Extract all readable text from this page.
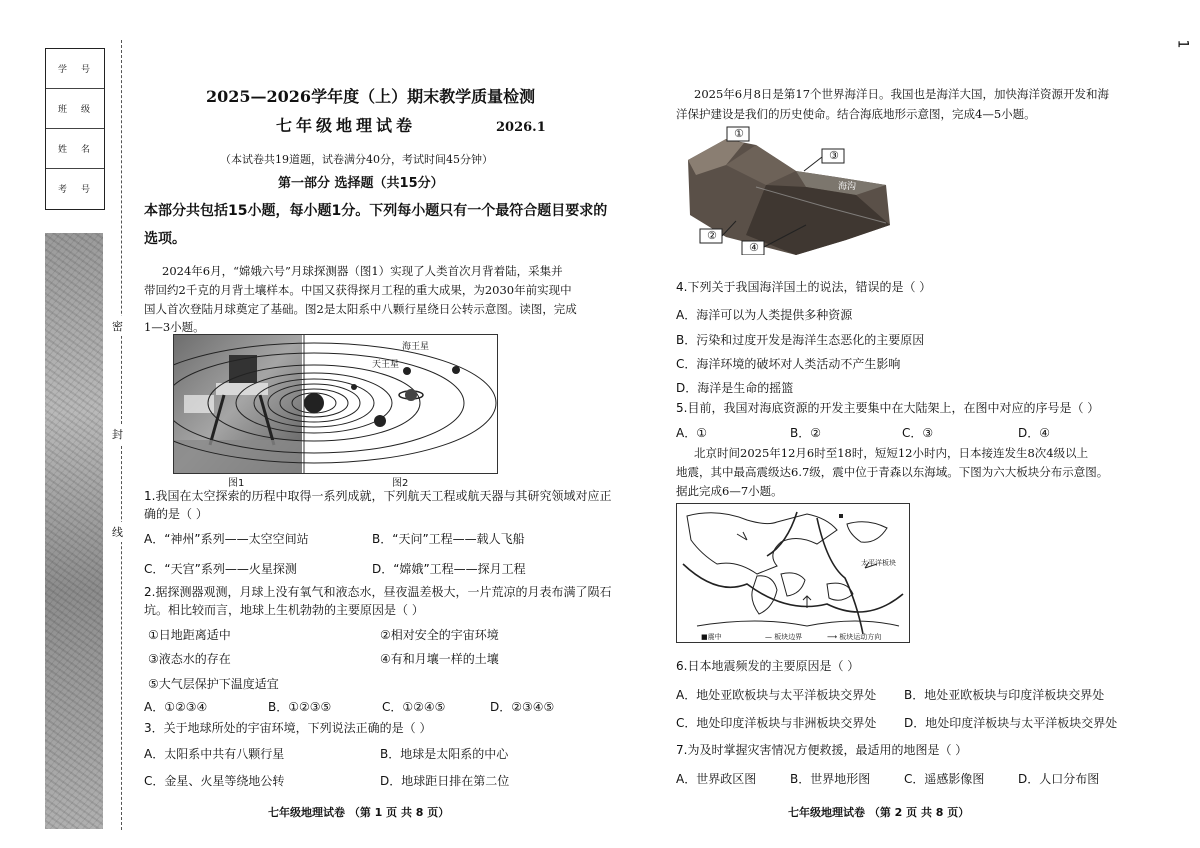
1
学号
班级
姓名
考号
密
封
线
2025—2026学年度（上）期末教学质量检测
七年级地理试卷	2026.1
（本试卷共19道题，试卷满分40分，考试时间45分钟）
第一部分 选择题（共15分）
本部分共包括15小题，每小题1分。下列每小题只有一个最符合题目要求的
选项。
2024年6月，“嫦娥六号”月球探测器（图1）实现了人类首次月背着陆，采集并
带回约2千克的月背土壤样本。中国又获得探月工程的重大成果，为2030年前实现中
国人首次登陆月球奠定了基础。图2是太阳系中八颗行星绕日公转示意图。读图，完成
1—3小题。
海王星
天王星
图1	图2
1.我国在太空探索的历程中取得一系列成就，下列航天工程或航天器与其研究领域对应正
确的是（ ）
A．“神州”系列——太空空间站	B．“天问”工程——载人飞船
C．“天宫”系列——火星探测	D．“嫦娥”工程——探月工程
2.据探测器观测，月球上没有氧气和液态水，昼夜温差极大，一片荒凉的月表布满了陨石
坑。相比较而言，地球上生机勃勃的主要原因是（ ）
①日地距离适中	②相对安全的宇宙环境
③液态水的存在	④有和月壤一样的土壤
⑤大气层保护下温度适宜
A．①②③④	B．①②③⑤	C．①②④⑤	D．②③④⑤
3．关于地球所处的宇宙环境，下列说法正确的是（ ）
A．太阳系中共有八颗行星	B．地球是太阳系的中心
C．金星、火星等绕地公转	D．地球距日排在第二位
七年级地理试卷 （第 1 页 共 8 页）
2025年6月8日是第17个世界海洋日。我国也是海洋大国，加快海洋资源开发和海
洋保护建设是我们的历史使命。结合海底地形示意图，完成4—5小题。
①
③
②
④
海沟
4.下列关于我国海洋国土的说法，错误的是（ ）
A．海洋可以为人类提供多种资源
B．污染和过度开发是海洋生态恶化的主要原因
C．海洋环境的破坏对人类活动不产生影响
D．海洋是生命的摇篮
5.目前，我国对海底资源的开发主要集中在大陆架上，在图中对应的序号是（ ）
A．①	B．②	C．③	D．④
北京时间2025年12月6时至18时，短短12小时内，日本接连发生8次4级以上
地震，其中最高震级达6.7级，震中位于青森以东海域。下图为六大板块分布示意图。
据此完成6—7小题。
太平洋板块
■震中	— 板块边界	⟶ 板块运动方向
6.日本地震频发的主要原因是（ ）
A．地处亚欧板块与太平洋板块交界处 B．地处亚欧板块与印度洋板块交界处
C．地处印度洋板块与非洲板块交界处 D．地处印度洋板块与太平洋板块交界处
7.为及时掌握灾害情况方便救援，最适用的地图是（ ）
A．世界政区图	B．世界地形图	C．遥感影像图	D．人口分布图
七年级地理试卷 （第 2 页 共 8 页）
